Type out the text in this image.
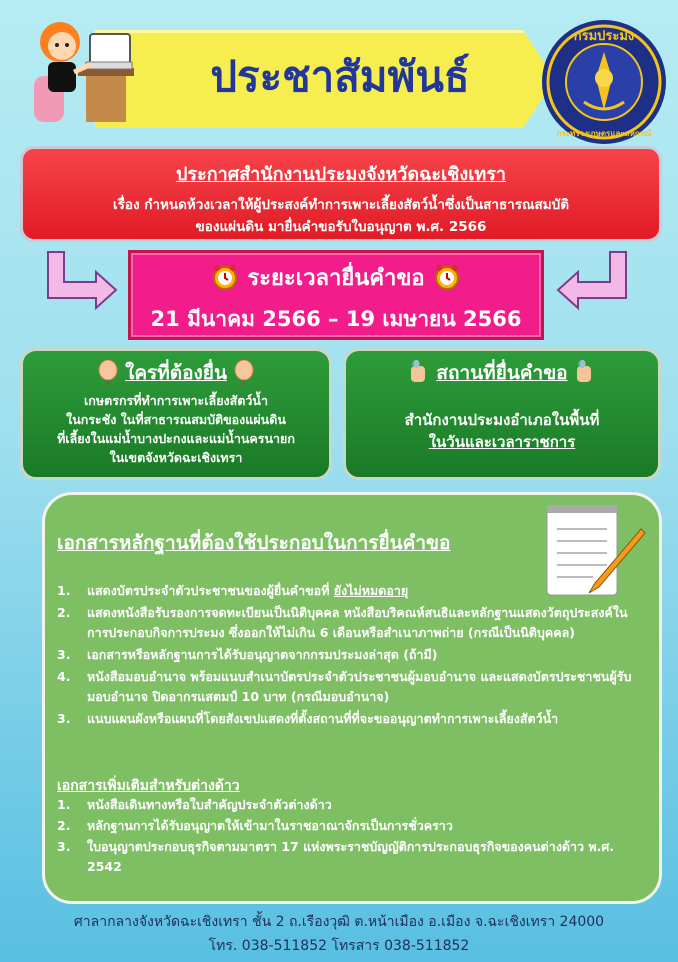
ประชาสัมพันธ์
กรมประมง
กระทรวงเกษตรและสหกรณ์
ประกาศสำนักงานประมงจังหวัดฉะเชิงเทรา
เรื่อง กำหนดห้วงเวลาให้ผู้ประสงค์ทำการเพาะเลี้ยงสัตว์น้ำซึ่งเป็นสาธารณสมบัติ
ของแผ่นดิน มายื่นคำขอรับใบอนุญาต พ.ศ. 2566
ระยะเวลายื่นคำขอ
21 มีนาคม 2566 – 19 เมษายน 2566
ใครที่ต้องยื่น
เกษตรกรที่ทำการเพาะเลี้ยงสัตว์น้ำ
ในกระชัง ในที่สาธารณสมบัติของแผ่นดิน
ที่เลี้ยงในแม่น้ำบางปะกงและแม่น้ำนครนายก
ในเขตจังหวัดฉะเชิงเทรา
สถานที่ยื่นคำขอ
สำนักงานประมงอำเภอในพื้นที่
ในวันและเวลาราชการ
เอกสารหลักฐานที่ต้องใช้ประกอบในการยื่นคำขอ
1.	แสดงบัตรประจำตัวประชาชนของผู้ยื่นคำขอที่ ยังไม่หมดอายุ
2.	แสดงหนังสือรับรองการจดทะเบียนเป็นนิติบุคคล หนังสือบริคณห์สนธิและหลักฐานแสดงวัตถุประสงค์ในการประกอบกิจการประมง ซึ่งออกให้ไม่เกิน 6 เดือนหรือสำเนาภาพถ่าย (กรณีเป็นนิติบุคคล)
3.	เอกสารหรือหลักฐานการได้รับอนุญาตจากกรมประมงล่าสุด (ถ้ามี)
4.	หนังสือมอบอำนาจ พร้อมแนบสำเนาบัตรประจำตัวประชาชนผู้มอบอำนาจ และแสดงบัตรประชาชนผู้รับมอบอำนาจ ปิดอากรแสตมป์ 10 บาท (กรณีมอบอำนาจ)
3.	แนบแผนผังหรือแผนที่โดยสังเขปแสดงที่ตั้งสถานที่ที่จะขออนุญาตทำการเพาะเลี้ยงสัตว์น้ำ
เอกสารเพิ่มเติมสำหรับต่างด้าว
1.	หนังสือเดินทางหรือใบสำคัญประจำตัวต่างด้าว
2.	หลักฐานการได้รับอนุญาตให้เข้ามาในราชอาณาจักรเป็นการชั่วคราว
3.	ใบอนุญาตประกอบธุรกิจตามมาตรา 17 แห่งพระราชบัญญัติการประกอบธุรกิจของคนต่างด้าว พ.ศ. 2542
ศาลากลางจังหวัดฉะเชิงเทรา ชั้น 2 ถ.เรืองวุฒิ ต.หน้าเมือง อ.เมือง จ.ฉะเชิงเทรา 24000
โทร. 038-511852 โทรสาร 038-511852
